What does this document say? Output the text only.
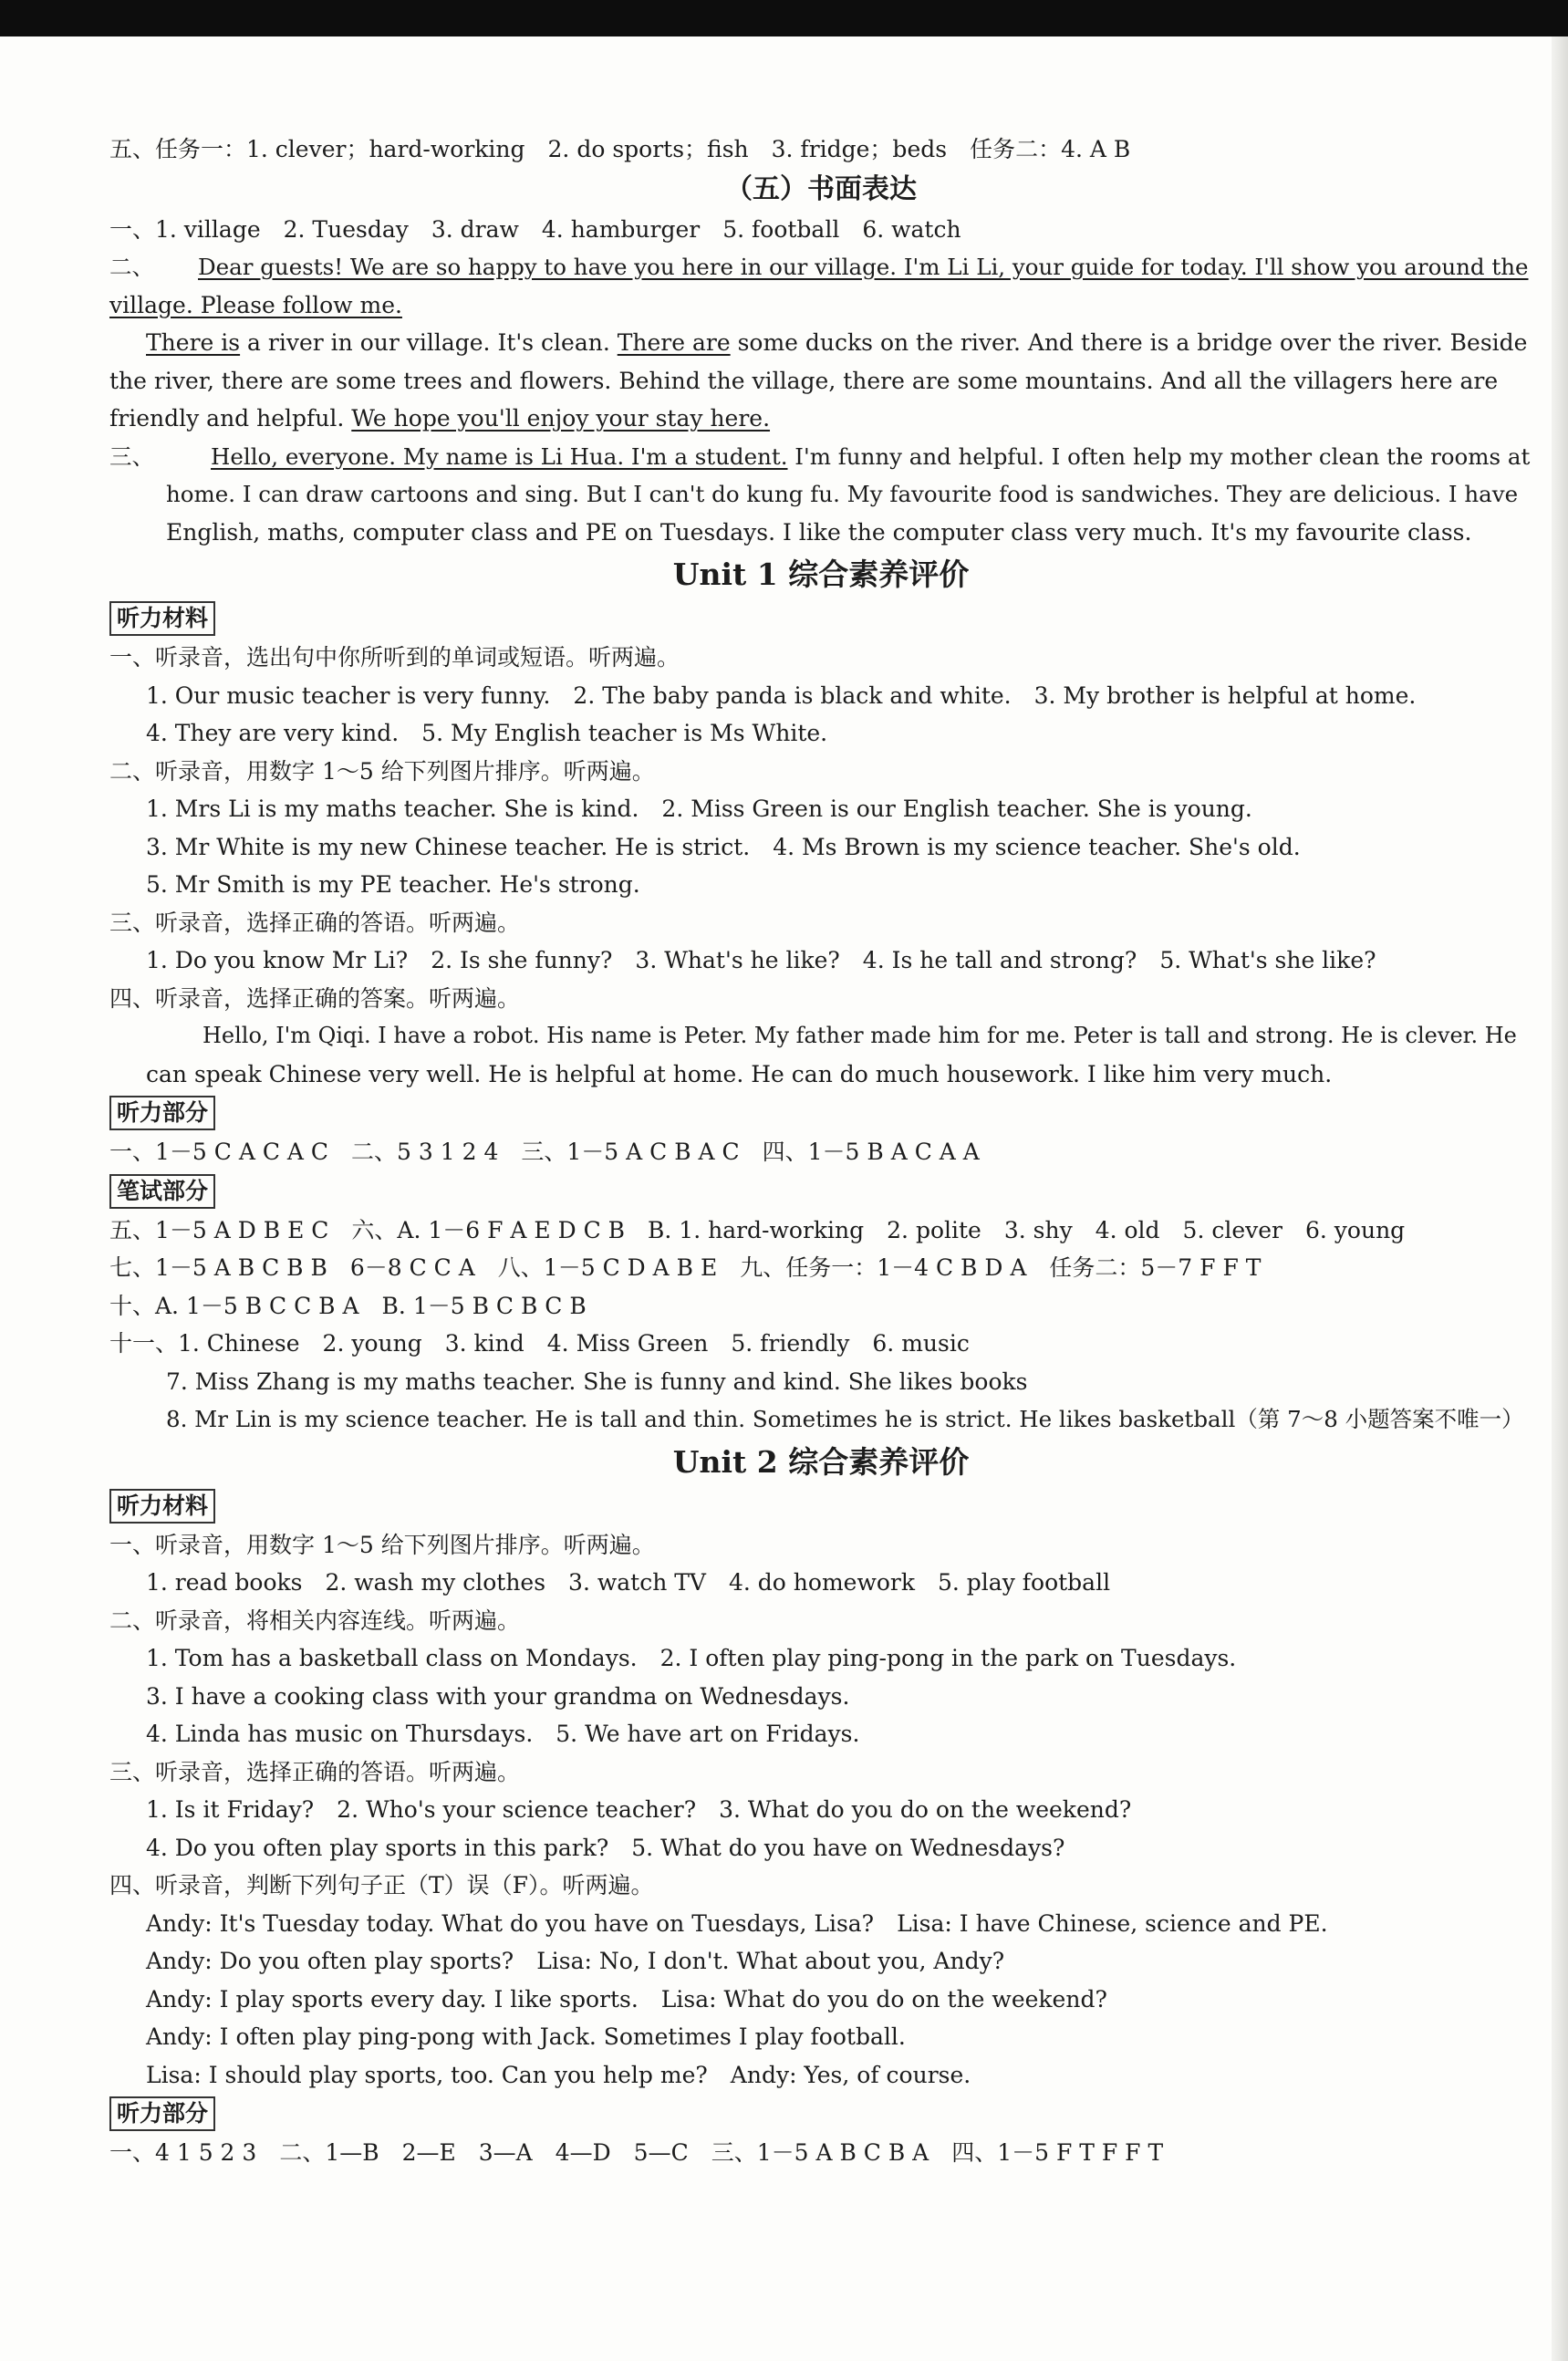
五、任务一：1. clever；hard-working　2. do sports；fish　3. fridge；beds　任务二：4. A B
（五）书面表达
一、1. village　2. Tuesday　3. draw　4. hamburger　5. football　6. watch
二、 Dear guests! We are so happy to have you here in our village. I'm Li Li, your guide for today. I'll show you around the
village. Please follow me.
There is a river in our village. It's clean. There are some ducks on the river. And there is a bridge over the river. Beside
the river, there are some trees and flowers. Behind the village, there are some mountains. And all the villagers here are
friendly and helpful. We hope you'll enjoy your stay here.
三、	Hello, everyone. My name is Li Hua. I'm a student. I'm funny and helpful. I often help my mother clean the rooms at
home. I can draw cartoons and sing. But I can't do kung fu. My favourite food is sandwiches. They are delicious. I have
English, maths, computer class and PE on Tuesdays. I like the computer class very much. It's my favourite class.
Unit 1 综合素养评价
听力材料
一、听录音，选出句中你所听到的单词或短语。听两遍。
1. Our music teacher is very funny.　2. The baby panda is black and white.　3. My brother is helpful at home.
4. They are very kind.　5. My English teacher is Ms White.
二、听录音，用数字 1～5 给下列图片排序。听两遍。
1. Mrs Li is my maths teacher. She is kind.　2. Miss Green is our English teacher. She is young.
3. Mr White is my new Chinese teacher. He is strict.　4. Ms Brown is my science teacher. She's old.
5. Mr Smith is my PE teacher. He's strong.
三、听录音，选择正确的答语。听两遍。
1. Do you know Mr Li?　2. Is she funny?　3. What's he like?　4. Is he tall and strong?　5. What's she like?
四、听录音，选择正确的答案。听两遍。
Hello, I'm Qiqi. I have a robot. His name is Peter. My father made him for me. Peter is tall and strong. He is clever. He
can speak Chinese very well. He is helpful at home. He can do much housework. I like him very much.
听力部分
一、1－5 C A C A C　二、5 3 1 2 4　三、1－5 A C B A C　四、1－5 B A C A A
笔试部分
五、1－5 A D B E C　六、A. 1－6 F A E D C B　B. 1. hard-working　2. polite　3. shy　4. old　5. clever　6. young
七、1－5 A B C B B　6－8 C C A　八、1－5 C D A B E　九、任务一：1－4 C B D A　任务二：5－7 F F T
十、A. 1－5 B C C B A　B. 1－5 B C B C B
十一、1. Chinese　2. young　3. kind　4. Miss Green　5. friendly　6. music
7. Miss Zhang is my maths teacher. She is funny and kind. She likes books
8. Mr Lin is my science teacher. He is tall and thin. Sometimes he is strict. He likes basketball（第 7～8 小题答案不唯一）
Unit 2 综合素养评价
听力材料
一、听录音，用数字 1～5 给下列图片排序。听两遍。
1. read books　2. wash my clothes　3. watch TV　4. do homework　5. play football
二、听录音，将相关内容连线。听两遍。
1. Tom has a basketball class on Mondays.　2. I often play ping-pong in the park on Tuesdays.
3. I have a cooking class with your grandma on Wednesdays.
4. Linda has music on Thursdays.　5. We have art on Fridays.
三、听录音，选择正确的答语。听两遍。
1. Is it Friday?　2. Who's your science teacher?　3. What do you do on the weekend?
4. Do you often play sports in this park?　5. What do you have on Wednesdays?
四、听录音，判断下列句子正（T）误（F）。听两遍。
Andy: It's Tuesday today. What do you have on Tuesdays, Lisa?　Lisa: I have Chinese, science and PE.
Andy: Do you often play sports?　Lisa: No, I don't. What about you, Andy?
Andy: I play sports every day. I like sports.　Lisa: What do you do on the weekend?
Andy: I often play ping-pong with Jack. Sometimes I play football.
Lisa: I should play sports, too. Can you help me?　Andy: Yes, of course.
听力部分
一、4 1 5 2 3　二、1—B　2—E　3—A　4—D　5—C　三、1－5 A B C B A　四、1－5 F T F F T
